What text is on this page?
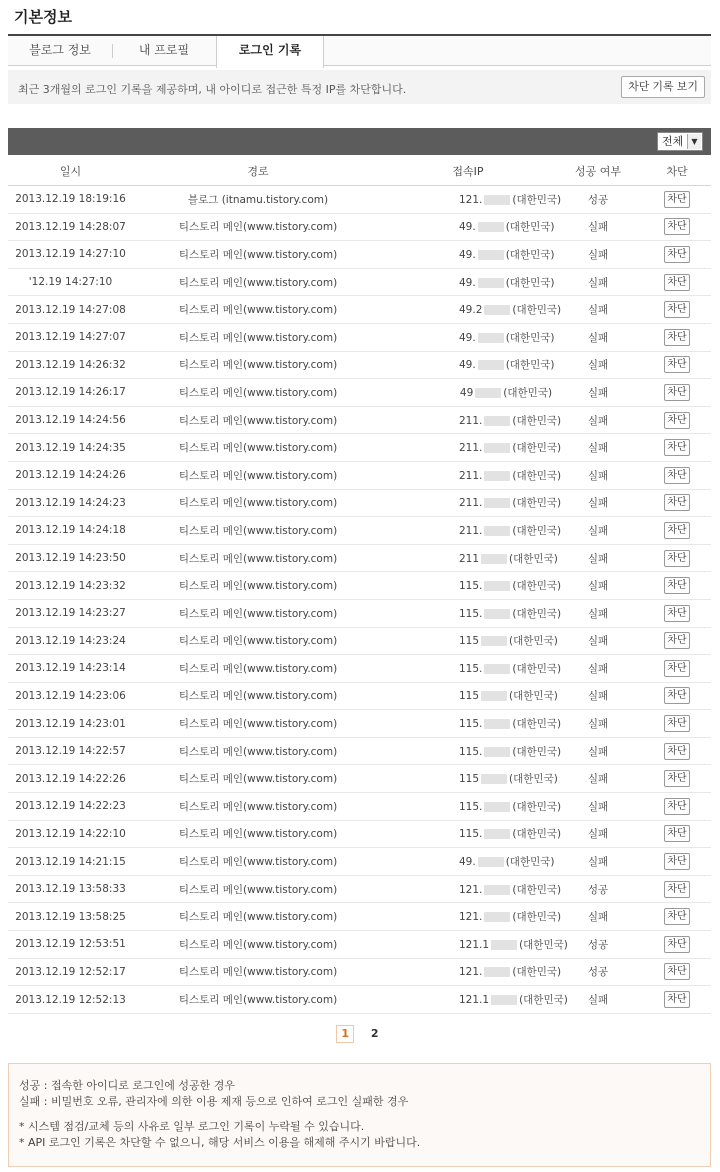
기본정보
블로그 정보	내 프로필	로그인 기록
최근 3개월의 로그인 기록을 제공하며, 내 아이디로 접근한 특정 IP를 차단합니다.	차단 기록 보기
전체	▼
일시	경로	접속IP	성공 여부	차단
2013.12.19 18:19:16	블로그 (itnamu.tistory.com)	121. (대한민국)	성공	차단
2013.12.19 14:28:07	티스토리 메인(www.tistory.com)	49. (대한민국)	실패	차단
2013.12.19 14:27:10	티스토리 메인(www.tistory.com)	49. (대한민국)	실패	차단
'12.19 14:27:10	티스토리 메인(www.tistory.com)	49. (대한민국)	실패	차단
2013.12.19 14:27:08	티스토리 메인(www.tistory.com)	49.2 (대한민국)	실패	차단
2013.12.19 14:27:07	티스토리 메인(www.tistory.com)	49. (대한민국)	실패	차단
2013.12.19 14:26:32	티스토리 메인(www.tistory.com)	49. (대한민국)	실패	차단
2013.12.19 14:26:17	티스토리 메인(www.tistory.com)	49 (대한민국)	실패	차단
2013.12.19 14:24:56	티스토리 메인(www.tistory.com)	211. (대한민국)	실패	차단
2013.12.19 14:24:35	티스토리 메인(www.tistory.com)	211. (대한민국)	실패	차단
2013.12.19 14:24:26	티스토리 메인(www.tistory.com)	211. (대한민국)	실패	차단
2013.12.19 14:24:23	티스토리 메인(www.tistory.com)	211. (대한민국)	실패	차단
2013.12.19 14:24:18	티스토리 메인(www.tistory.com)	211. (대한민국)	실패	차단
2013.12.19 14:23:50	티스토리 메인(www.tistory.com)	211 (대한민국)	실패	차단
2013.12.19 14:23:32	티스토리 메인(www.tistory.com)	115. (대한민국)	실패	차단
2013.12.19 14:23:27	티스토리 메인(www.tistory.com)	115. (대한민국)	실패	차단
2013.12.19 14:23:24	티스토리 메인(www.tistory.com)	115 (대한민국)	실패	차단
2013.12.19 14:23:14	티스토리 메인(www.tistory.com)	115. (대한민국)	실패	차단
2013.12.19 14:23:06	티스토리 메인(www.tistory.com)	115 (대한민국)	실패	차단
2013.12.19 14:23:01	티스토리 메인(www.tistory.com)	115. (대한민국)	실패	차단
2013.12.19 14:22:57	티스토리 메인(www.tistory.com)	115. (대한민국)	실패	차단
2013.12.19 14:22:26	티스토리 메인(www.tistory.com)	115 (대한민국)	실패	차단
2013.12.19 14:22:23	티스토리 메인(www.tistory.com)	115. (대한민국)	실패	차단
2013.12.19 14:22:10	티스토리 메인(www.tistory.com)	115. (대한민국)	실패	차단
2013.12.19 14:21:15	티스토리 메인(www.tistory.com)	49. (대한민국)	실패	차단
2013.12.19 13:58:33	티스토리 메인(www.tistory.com)	121. (대한민국)	성공	차단
2013.12.19 13:58:25	티스토리 메인(www.tistory.com)	121. (대한민국)	실패	차단
2013.12.19 12:53:51	티스토리 메인(www.tistory.com)	121.1 (대한민국)	성공	차단
2013.12.19 12:52:17	티스토리 메인(www.tistory.com)	121. (대한민국)	성공	차단
2013.12.19 12:52:13	티스토리 메인(www.tistory.com)	121.1 (대한민국)	실패	차단
1 2

성공 : 접속한 아이디로 로그인에 성공한 경우

실패 : 비밀번호 오류, 관리자에 의한 이용 제재 등으로 인하여 로그인 실패한 경우

* 시스템 점검/교체 등의 사유로 일부 로그인 기록이 누락될 수 있습니다.

* API 로그인 기록은 차단할 수 없으니, 해당 서비스 이용을 해제해 주시기 바랍니다.
